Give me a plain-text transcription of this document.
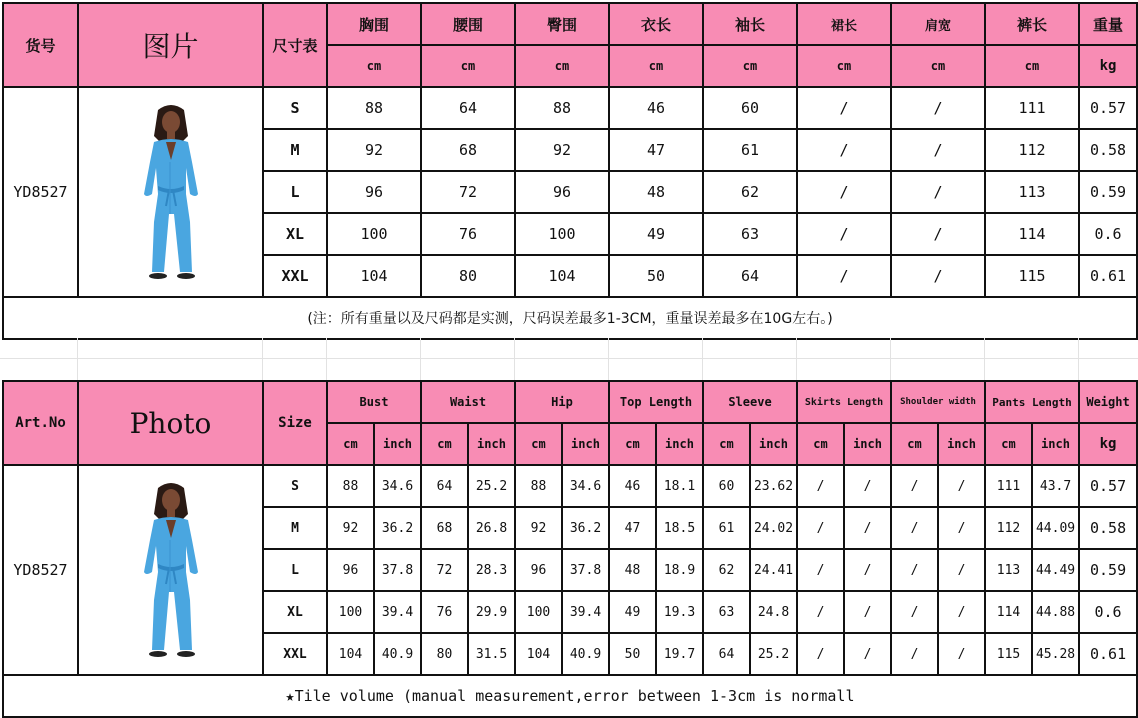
货号	图片	尺寸表	胸围	腰围	臀围	衣长	袖长	裙长	肩宽	裤长	重量
			cm	cm	cm	cm	cm	cm	cm	cm	kg
YD8527		S	88	64	88	46	60	/	/	111	0.57
		M	92	68	92	47	61	/	/	112	0.58
		L	96	72	96	48	62	/	/	113	0.59
		XL	100	76	100	49	63	/	/	114	0.6
		XXL	104	80	104	50	64	/	/	115	0.61
(注：所有重量以及尺码都是实测，尺码误差最多1-3CM，重量误差最多在10G左右。)											
Art.No	Photo	Size	Bust		Waist		Hip		Top Length		Sleeve		Skirts Length		Shoulder width		Pants Length		Weight
			cm	inch	cm	inch	cm	inch	cm	inch	cm	inch	cm	inch	cm	inch	cm	inch	kg
YD8527		S	88	34.6	64	25.2	88	34.6	46	18.1	60	23.62	/	/	/	/	111	43.7	0.57
		M	92	36.2	68	26.8	92	36.2	47	18.5	61	24.02	/	/	/	/	112	44.09	0.58
		L	96	37.8	72	28.3	96	37.8	48	18.9	62	24.41	/	/	/	/	113	44.49	0.59
		XL	100	39.4	76	29.9	100	39.4	49	19.3	63	24.8	/	/	/	/	114	44.88	0.6
		XXL	104	40.9	80	31.5	104	40.9	50	19.7	64	25.2	/	/	/	/	115	45.28	0.61
★Tile volume (manual measurement,error between 1-3cm is normall																			
